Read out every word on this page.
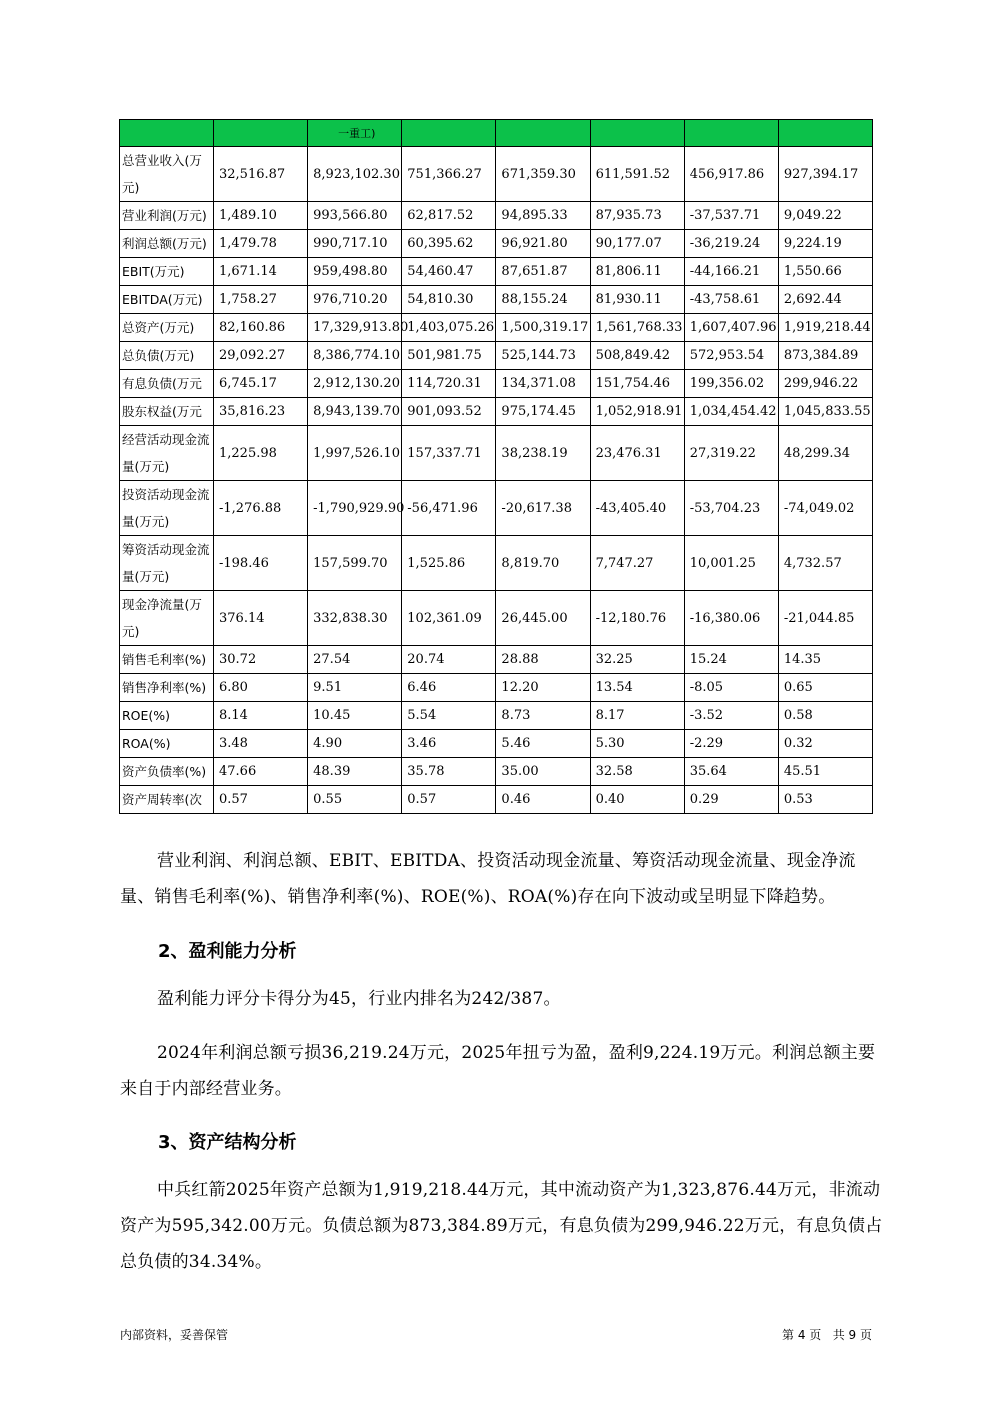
		一重工)					
总营业收入(万元)	32,516.87	8,923,102.30	751,366.27	671,359.30	611,591.52	456,917.86	927,394.17
营业利润(万元)	1,489.10	993,566.80	62,817.52	94,895.33	87,935.73	-37,537.71	9,049.22
利润总额(万元)	1,479.78	990,717.10	60,395.62	96,921.80	90,177.07	-36,219.24	9,224.19
EBIT(万元)	1,671.14	959,498.80	54,460.47	87,651.87	81,806.11	-44,166.21	1,550.66
EBITDA(万元)	1,758.27	976,710.20	54,810.30	88,155.24	81,930.11	-43,758.61	2,692.44
总资产(万元)	82,160.86	17,329,913.80	1,403,075.26	1,500,319.17	1,561,768.33	1,607,407.96	1,919,218.44
总负债(万元)	29,092.27	8,386,774.10	501,981.75	525,144.73	508,849.42	572,953.54	873,384.89
有息负债(万元	6,745.17	2,912,130.20	114,720.31	134,371.08	151,754.46	199,356.02	299,946.22
股东权益(万元	35,816.23	8,943,139.70	901,093.52	975,174.45	1,052,918.91	1,034,454.42	1,045,833.55
经营活动现金流量(万元)	1,225.98	1,997,526.10	157,337.71	38,238.19	23,476.31	27,319.22	48,299.34
投资活动现金流量(万元)	-1,276.88	-1,790,929.90	-56,471.96	-20,617.38	-43,405.40	-53,704.23	-74,049.02
筹资活动现金流量(万元)	-198.46	157,599.70	1,525.86	8,819.70	7,747.27	10,001.25	4,732.57
现金净流量(万元)	376.14	332,838.30	102,361.09	26,445.00	-12,180.76	-16,380.06	-21,044.85
销售毛利率(%)	30.72	27.54	20.74	28.88	32.25	15.24	14.35
销售净利率(%)	6.80	9.51	6.46	12.20	13.54	-8.05	0.65
ROE(%)	8.14	10.45	5.54	8.73	8.17	-3.52	0.58
ROA(%)	3.48	4.90	3.46	5.46	5.30	-2.29	0.32
资产负债率(%)	47.66	48.39	35.78	35.00	32.58	35.64	45.51
资产周转率(次	0.57	0.55	0.57	0.46	0.40	0.29	0.53
营业利润、利润总额、EBIT、EBITDA、投资活动现金流量、筹资活动现金流量、现金净流量、销售毛利率(%)、销售净利率(%)、ROE(%)、ROA(%)存在向下波动或呈明显下降趋势。
2、盈利能力分析
盈利能力评分卡得分为45，行业内排名为242/387。
2024年利润总额亏损36,219.24万元，2025年扭亏为盈，盈利9,224.19万元。利润总额主要来自于内部经营业务。
3、资产结构分析
中兵红箭2025年资产总额为1,919,218.44万元，其中流动资产为1,323,876.44万元，非流动资产为595,342.00万元。负债总额为873,384.89万元，有息负债为299,946.22万元，有息负债占总负债的34.34%。
内部资料，妥善保管	第 4 页   共 9 页
